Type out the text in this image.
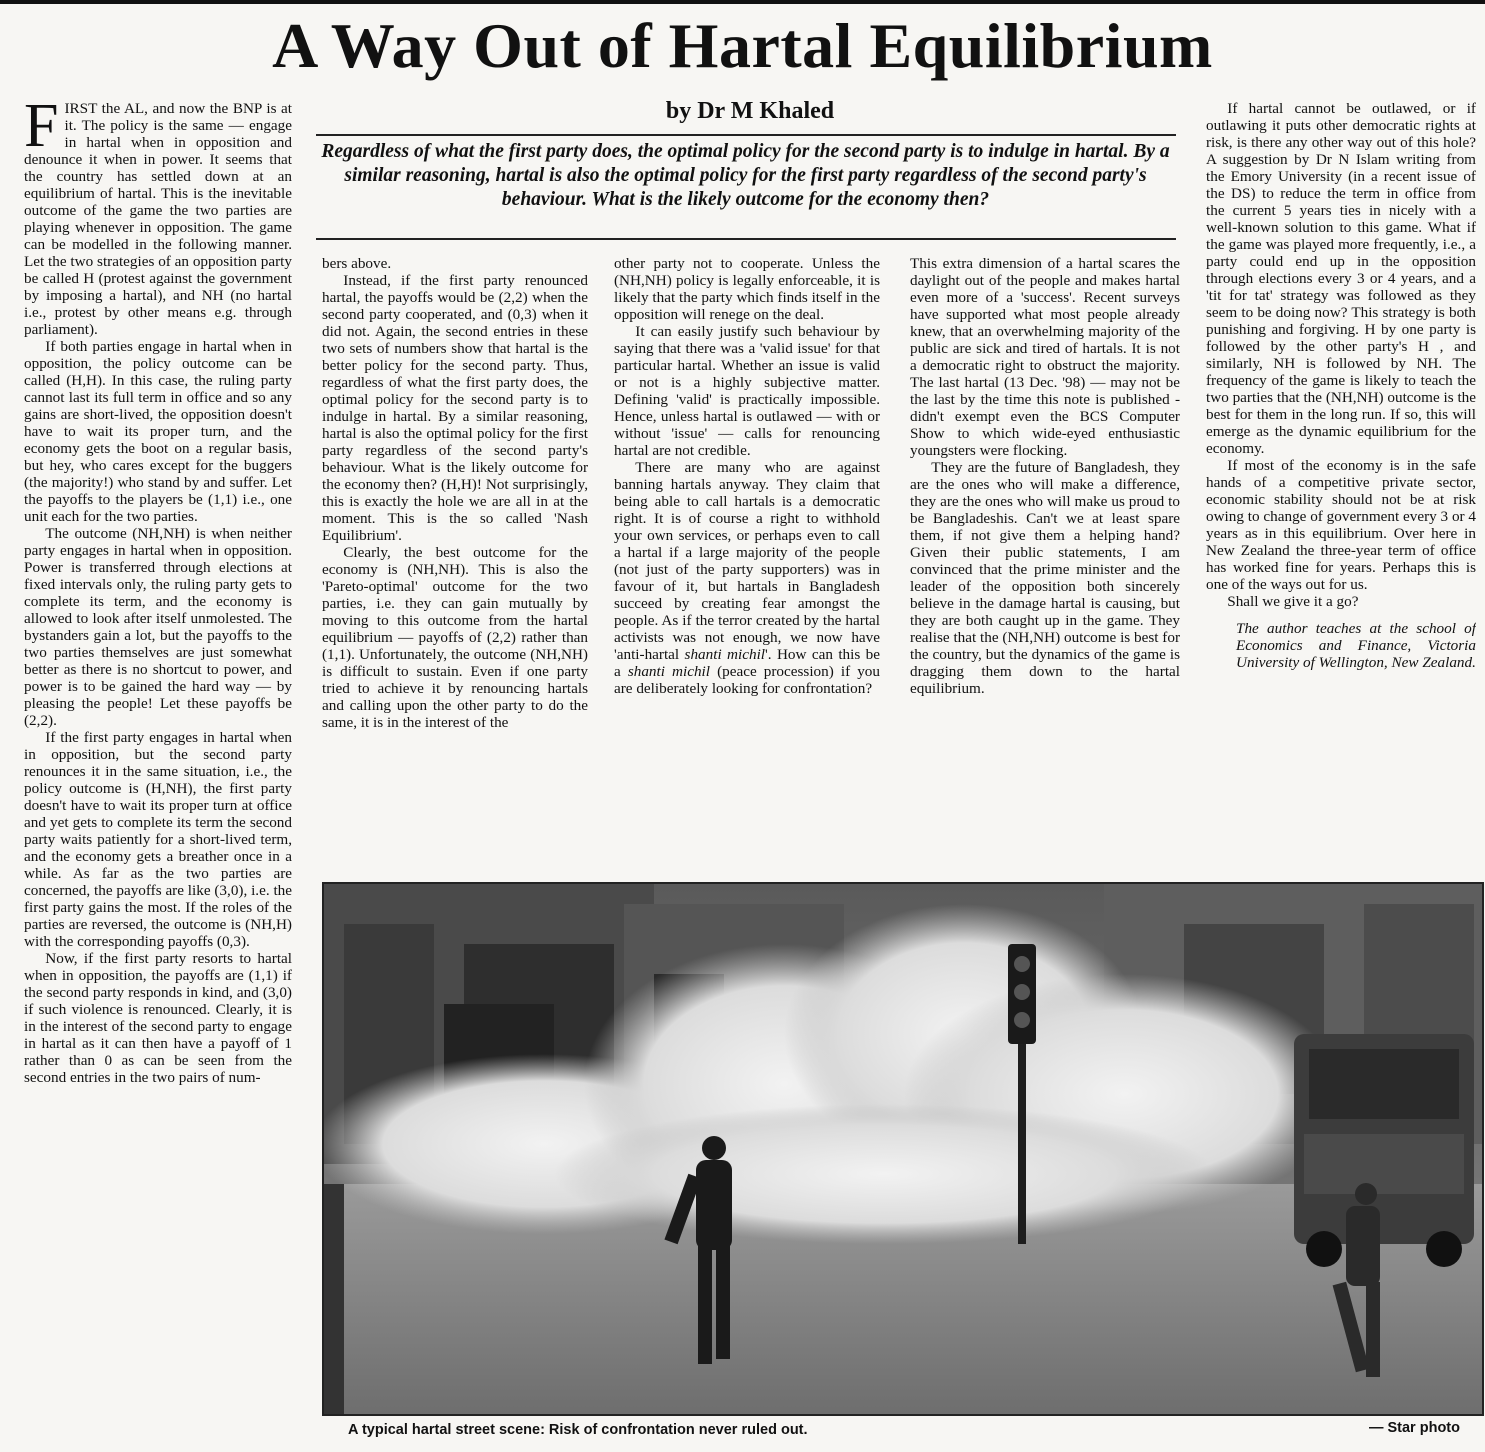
A Way Out of Hartal Equilibrium
by Dr M Khaled

Regardless of what the first party does, the optimal policy for the second party is to indulge in hartal. By a similar reasoning, hartal is also the optimal policy for the first party regardless of the second party's behaviour. What is the likely outcome for the economy then?

FIRST the AL, and now the BNP is at it. The policy is the same — engage in hartal when in opposition and denounce it when in power. It seems that the country has settled down at an equilibrium of hartal. This is the inevitable outcome of the game the two parties are playing whenever in opposition. The game can be modelled in the following manner. Let the two strategies of an opposition party be called H (protest against the government by imposing a hartal), and NH (no hartal i.e., protest by other means e.g. through parliament).

If both parties engage in hartal when in opposition, the policy outcome can be called (H,H). In this case, the ruling party cannot last its full term in office and so any gains are short-lived, the opposition doesn't have to wait its proper turn, and the economy gets the boot on a regular basis, but hey, who cares except for the buggers (the majority!) who stand by and suffer. Let the payoffs to the players be (1,1) i.e., one unit each for the two parties.

The outcome (NH,NH) is when neither party engages in hartal when in opposition. Power is transferred through elections at fixed intervals only, the ruling party gets to complete its term, and the economy is allowed to look after itself unmolested. The bystanders gain a lot, but the payoffs to the two parties themselves are just somewhat better as there is no shortcut to power, and power is to be gained the hard way — by pleasing the people! Let these payoffs be (2,2).

If the first party engages in hartal when in opposition, but the second party renounces it in the same situation, i.e., the policy outcome is (H,NH), the first party doesn't have to wait its proper turn at office and yet gets to complete its term the second party waits patiently for a short-lived term, and the economy gets a breather once in a while. As far as the two parties are concerned, the payoffs are like (3,0), i.e. the first party gains the most. If the roles of the parties are reversed, the outcome is (NH,H) with the corresponding payoffs (0,3).

Now, if the first party resorts to hartal when in opposition, the payoffs are (1,1) if the second party responds in kind, and (3,0) if such violence is renounced. Clearly, it is in the interest of the second party to engage in hartal as it can then have a payoff of 1 rather than 0 as can be seen from the second entries in the two pairs of num-

bers above.

Instead, if the first party renounced hartal, the payoffs would be (2,2) when the second party cooperated, and (0,3) when it did not. Again, the second entries in these two sets of numbers show that hartal is the better policy for the second party. Thus, regardless of what the first party does, the optimal policy for the second party is to indulge in hartal. By a similar reasoning, hartal is also the optimal policy for the first party regardless of the second party's behaviour. What is the likely outcome for the economy then? (H,H)! Not surprisingly, this is exactly the hole we are all in at the moment. This is the so called 'Nash Equilibrium'.

Clearly, the best outcome for the economy is (NH,NH). This is also the 'Pareto-optimal' outcome for the two parties, i.e. they can gain mutually by moving to this outcome from the hartal equilibrium — payoffs of (2,2) rather than (1,1). Unfortunately, the outcome (NH,NH) is difficult to sustain. Even if one party tried to achieve it by renouncing hartals and calling upon the other party to do the same, it is in the interest of the

other party not to cooperate. Unless the (NH,NH) policy is legally enforceable, it is likely that the party which finds itself in the opposition will renege on the deal.

It can easily justify such behaviour by saying that there was a 'valid issue' for that particular hartal. Whether an issue is valid or not is a highly subjective matter. Defining 'valid' is practically impossible. Hence, unless hartal is outlawed — with or without 'issue' — calls for renouncing hartal are not credible.

There are many who are against banning hartals anyway. They claim that being able to call hartals is a democratic right. It is of course a right to withhold your own services, or perhaps even to call a hartal if a large majority of the people (not just of the party supporters) was in favour of it, but hartals in Bangladesh succeed by creating fear amongst the people. As if the terror created by the hartal activists was not enough, we now have 'anti-hartal shanti michil'. How can this be a shanti michil (peace procession) if you are deliberately looking for confrontation?

This extra dimension of a hartal scares the daylight out of the people and makes hartal even more of a 'success'. Recent surveys have supported what most people already knew, that an overwhelming majority of the public are sick and tired of hartals. It is not a democratic right to obstruct the majority. The last hartal (13 Dec. '98) — may not be the last by the time this note is published - didn't exempt even the BCS Computer Show to which wide-eyed enthusiastic youngsters were flocking.

They are the future of Bangladesh, they are the ones who will make a difference, they are the ones who will make us proud to be Bangladeshis. Can't we at least spare them, if not give them a helping hand? Given their public statements, I am convinced that the prime minister and the leader of the opposition both sincerely believe in the damage hartal is causing, but they are both caught up in the game. They realise that the (NH,NH) outcome is best for the country, but the dynamics of the game is dragging them down to the hartal equilibrium.

If hartal cannot be outlawed, or if outlawing it puts other democratic rights at risk, is there any other way out of this hole? A suggestion by Dr N Islam writing from the Emory University (in a recent issue of the DS) to reduce the term in office from the current 5 years ties in nicely with a well-known solution to this game. What if the game was played more frequently, i.e., a party could end up in the opposition through elections every 3 or 4 years, and a 'tit for tat' strategy was followed as they seem to be doing now? This strategy is both punishing and forgiving. H by one party is followed by the other party's H , and similarly, NH is followed by NH. The frequency of the game is likely to teach the two parties that the (NH,NH) outcome is the best for them in the long run. If so, this will emerge as the dynamic equilibrium for the economy.

If most of the economy is in the safe hands of a competitive private sector, economic stability should not be at risk owing to change of government every 3 or 4 years as in this equilibrium. Over here in New Zealand the three-year term of office has worked fine for years. Perhaps this is one of the ways out for us.

Shall we give it a go?

The author teaches at the school of Economics and Finance, Victoria University of Wellington, New Zealand.

A typical hartal street scene: Risk of confrontation never ruled out.	— Star photo
